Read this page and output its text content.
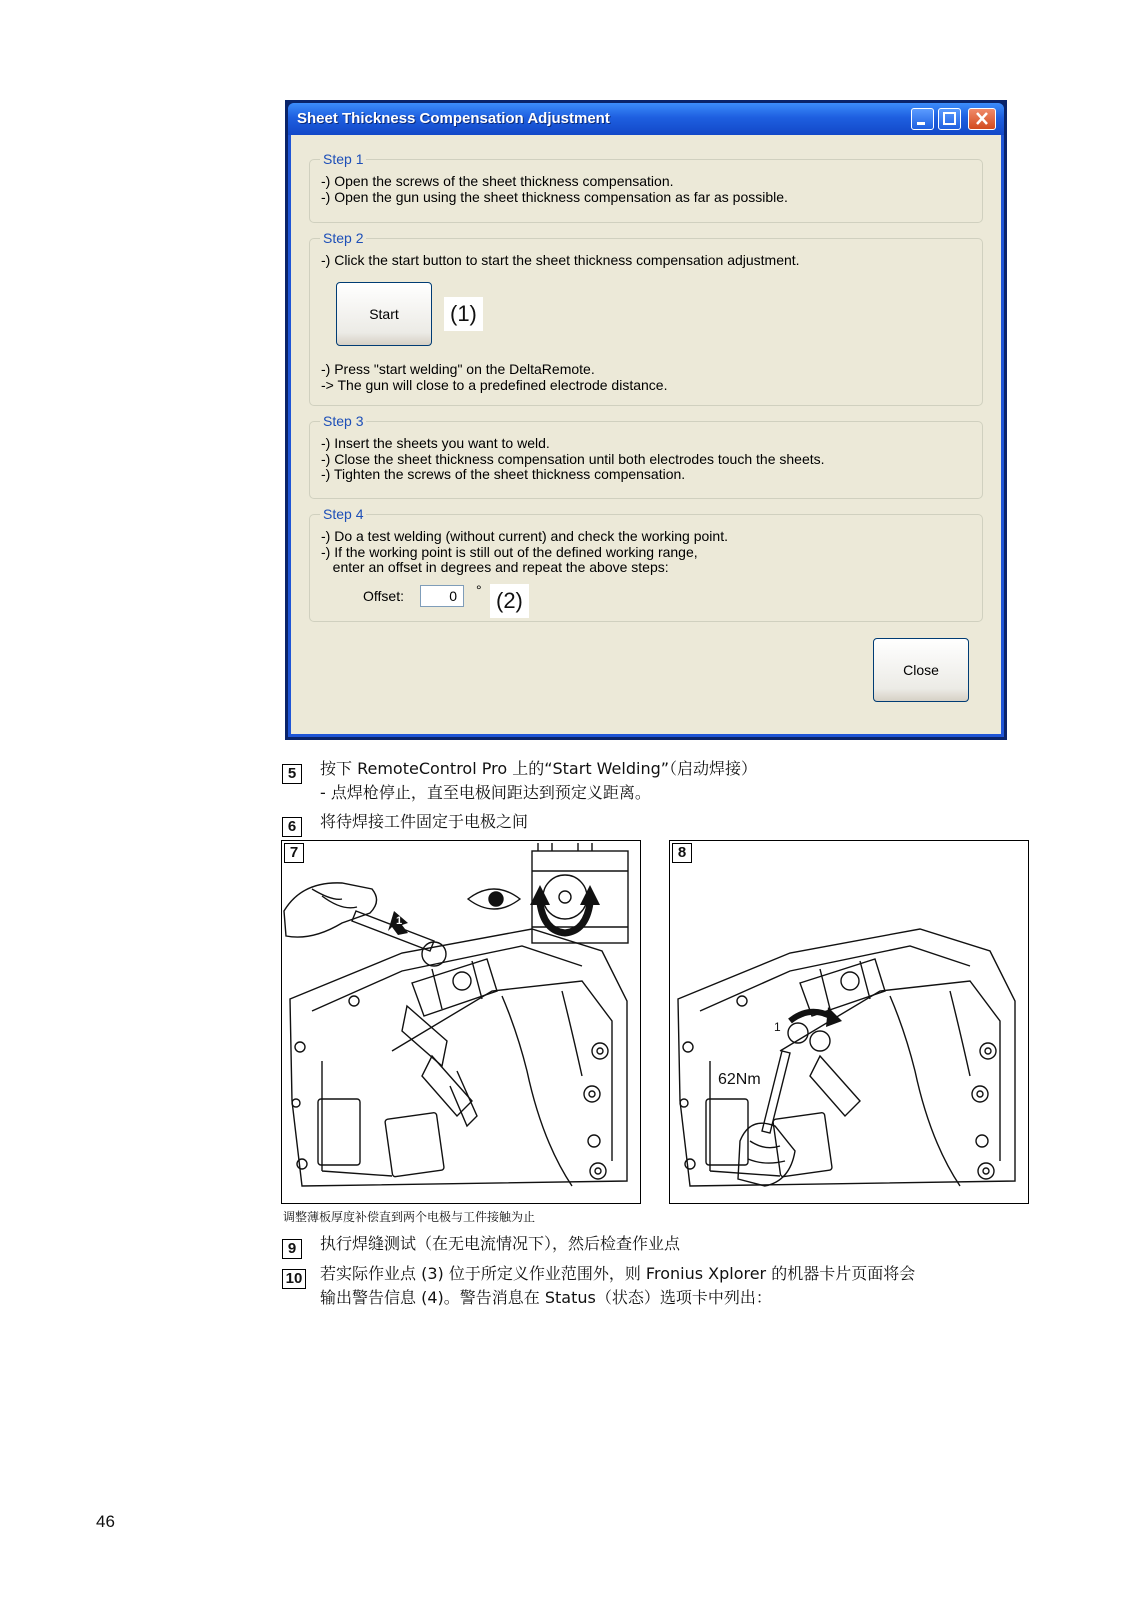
Sheet Thickness Compensation Adjustment
Step 1
-) Open the screws of the sheet thickness compensation.
-) Open the gun using the sheet thickness compensation as far as possible.
Step 2
-) Click the start button to start the sheet thickness compensation adjustment.
Start	(1)
-) Press "start welding" on the DeltaRemote.
-> The gun will close to a predefined electrode distance.
Step 3
-) Insert the sheets you want to weld.
-) Close the sheet thickness compensation until both electrodes touch the sheets.
-) Tighten the screws of the sheet thickness compensation.
Step 4
-) Do a test welding (without current) and check the working point.
-) If the working point is still out of the defined working range,
enter an offset in degrees and repeat the above steps:
Offset:
0	° (2)
Close
5	按下 RemoteControl Pro 上的“Start Welding”（启动焊接）
- 点焊枪停止，直至电极间距达到预定义距离。
6	将待焊接工件固定于电极之间
7
1
8
1
62Nm
调整薄板厚度补偿直到两个电极与工件接触为止
9	执行焊缝测试（在无电流情况下），然后检查作业点
10 若实际作业点 (3) 位于所定义作业范围外，则 Fronius Xplorer 的机器卡片页面将会
输出警告信息 (4)。警告消息在 Status（状态）选项卡中列出：
46
